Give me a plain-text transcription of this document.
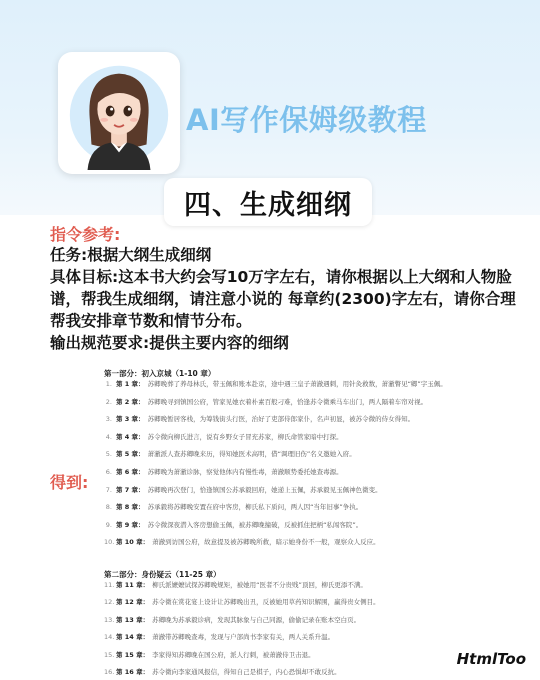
AI写作保姆级教程
四、生成细纲
指令参考:
任务:根据大纲生成细纲
具体目标:这本书大约会写10万字左右，请你根据以上大纲和人物脸谱，帮我生成细纲，请注意小说的 每章约(2300)字左右，请你合理帮我安排章节数和情节分布。
输出规范要求:提供主要内容的细纲
得到:
第一部分：初入京城（1-10 章）
1. 第 1 章： 苏卿晚葬了养母林氏，带玉佩和账本赴京，途中遇三皇子萧澈遇刺，用针灸救数，萧澈瞥见“卿”字玉佩。
2. 第 2 章： 苏卿晚寻到镇国公府，管家见她衣着朴素百般刁难，恰逢苏令微乘马车出门，两人隔着车帘对视。
3. 第 3 章： 苏卿晚暂居客栈，为筹钱街头行医，治好了吏部侍郎家仆，名声初显，被苏令微的侍女得知。
4. 第 4 章： 苏令微向柳氏进言，说有乡野女子冒充苏家，柳氏命管家暗中打探。
5. 第 5 章： 萧澈派人查苏卿晚来历，得知她医术高明，借“调理旧伤”名义邀她入府。
6. 第 6 章： 苏卿晚为萧澈诊脉，察觉他体内有慢性毒，萧澈顺势委托她查毒源。
7. 第 7 章： 苏卿晚再次登门，恰逢镇国公苏承毅回府，她递上玉佩，苏承毅见玉佩神色微变。
8. 第 8 章： 苏承毅将苏卿晚安置在府中客房，柳氏私下质问，两人因“当年旧事”争执。
9. 第 9 章： 苏令微深夜潜入客房想偷玉佩，被苏卿晚撞破，反被抓住把柄“私闯客院”。
10. 第 10 章： 萧澈到访国公府，故意提及被苏卿晚所救，暗示她身份不一般，观察众人反应。
第二部分：身份疑云（11-25 章）
11. 第 11 章： 柳氏派嬷嬷试探苏卿晚规矩，被她用“医者不分贵贱”顶回，柳氏更添不满。
12. 第 12 章： 苏令微在赏花宴上设计让苏卿晚出丑，反被她用草药知识解围，赢得贵女侧目。
13. 第 13 章： 苏卿晚为苏承毅诊病，发现其脉象与自己同源，偷偷记录在账本空白页。
14. 第 14 章： 萧澈带苏卿晚查毒，发现与户部尚书李家有关，两人关系升温。
15. 第 15 章： 李家得知苏卿晚在国公府，派人行刺，被萧澈侍卫击退。
16. 第 16 章： 苏令微向李家通风报信，得知自己是棋子，内心恐惧却不敢反抗。
HtmlToo
